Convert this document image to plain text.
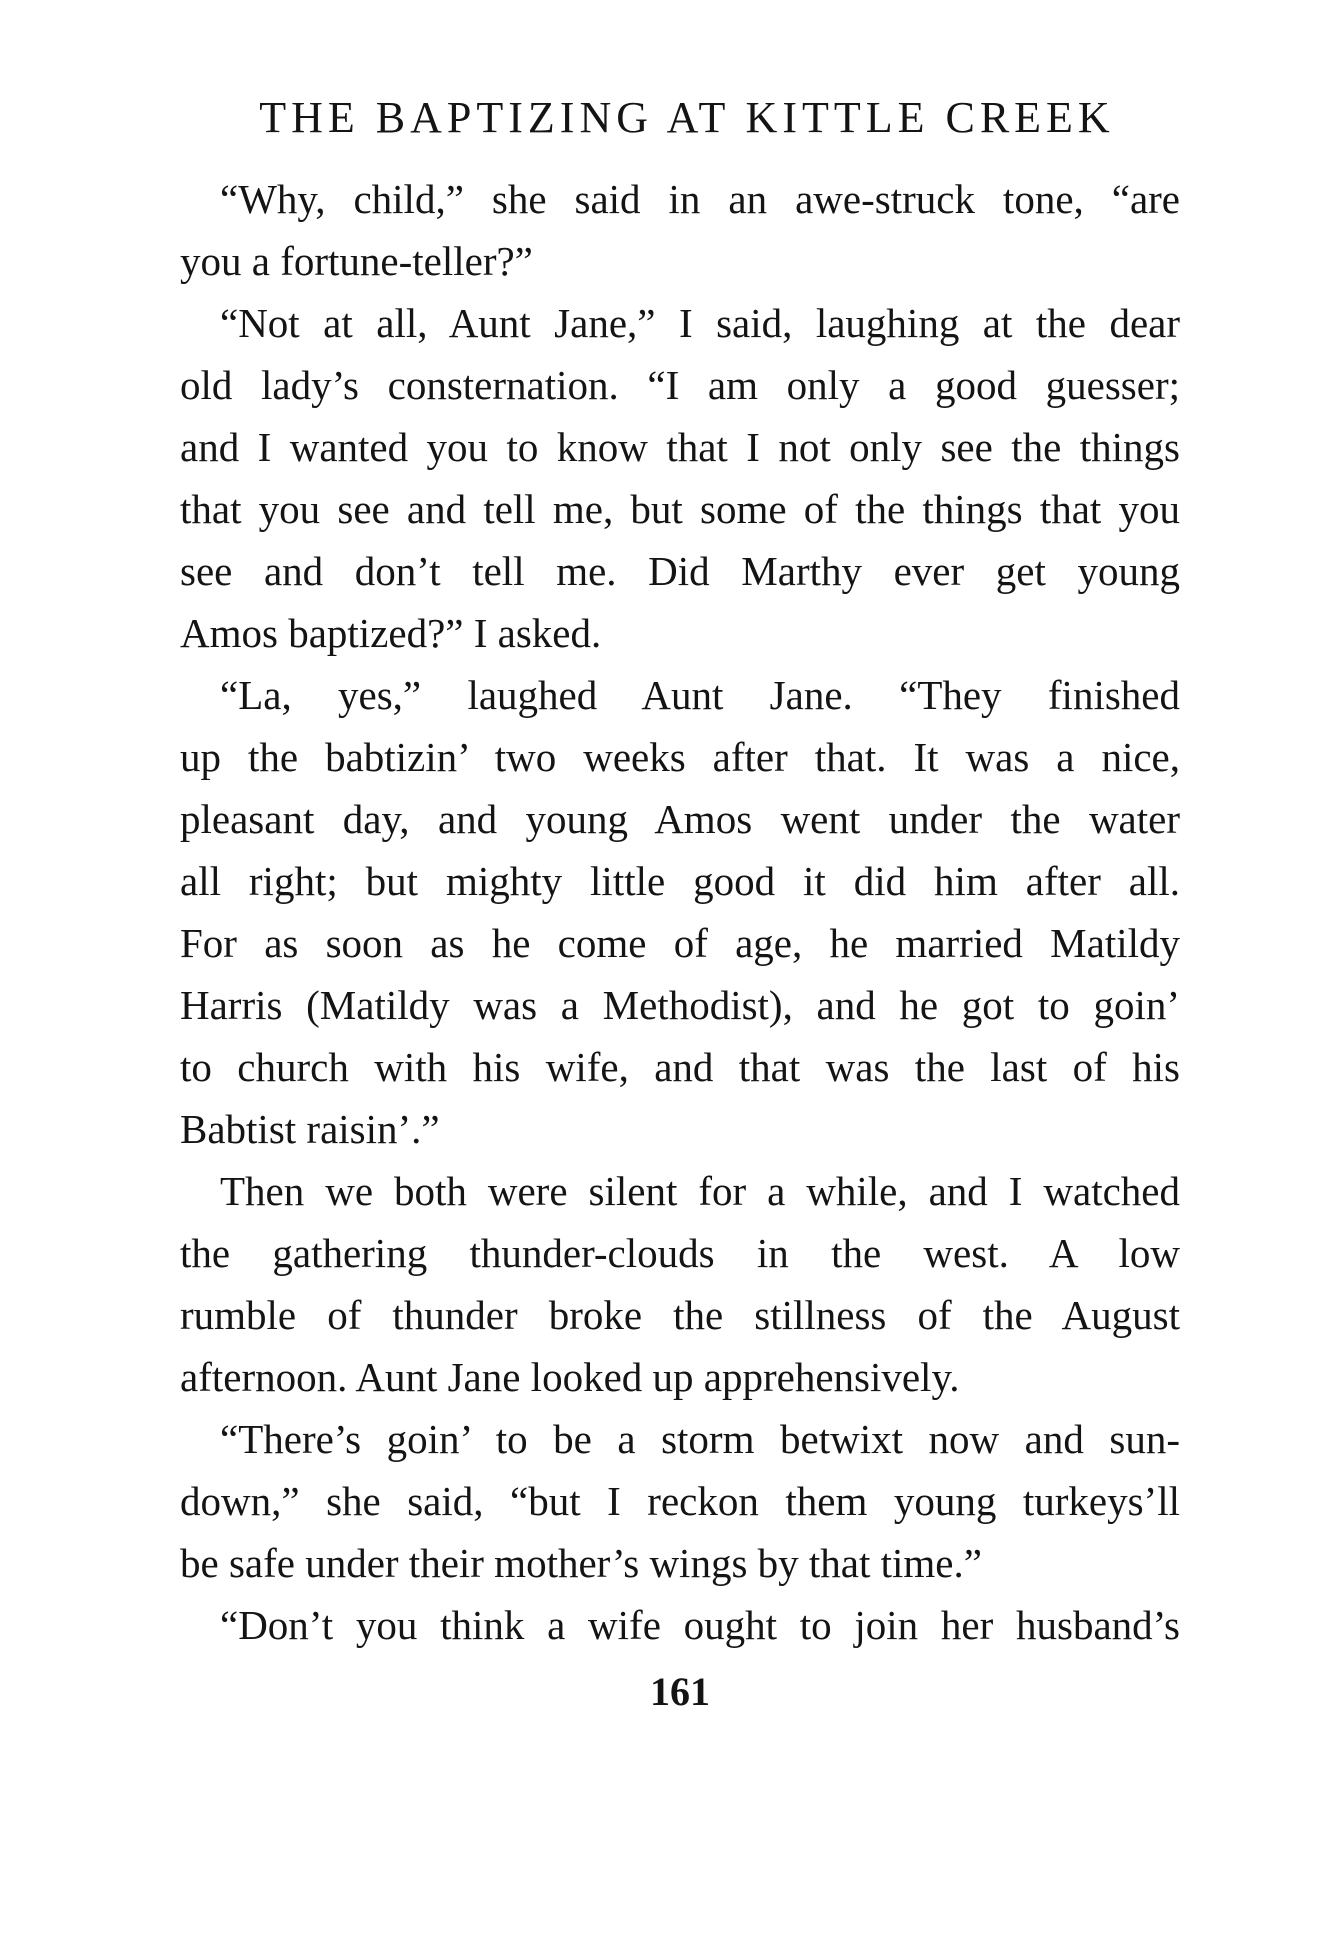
THE BAPTIZING AT KITTLE CREEK
“Why, child,” she said in an awe-struck tone, “are
you a fortune-teller?”
“Not at all, Aunt Jane,” I said, laughing at the dear
old lady’s consternation. “I am only a good guesser;
and I wanted you to know that I not only see the things
that you see and tell me, but some of the things that you
see and don’t tell me. Did Marthy ever get young
Amos baptized?” I asked.
“La, yes,” laughed Aunt Jane. “They finished
up the babtizin’ two weeks after that. It was a nice,
pleasant day, and young Amos went under the water
all right; but mighty little good it did him after all.
For as soon as he come of age, he married Matildy
Harris (Matildy was a Methodist), and he got to goin’
to church with his wife, and that was the last of his
Babtist raisin’.”
Then we both were silent for a while, and I watched
the gathering thunder-clouds in the west. A low
rumble of thunder broke the stillness of the August
afternoon. Aunt Jane looked up apprehensively.
“There’s goin’ to be a storm betwixt now and sun-
down,” she said, “but I reckon them young turkeys’ll
be safe under their mother’s wings by that time.”
“Don’t you think a wife ought to join her husband’s
161
